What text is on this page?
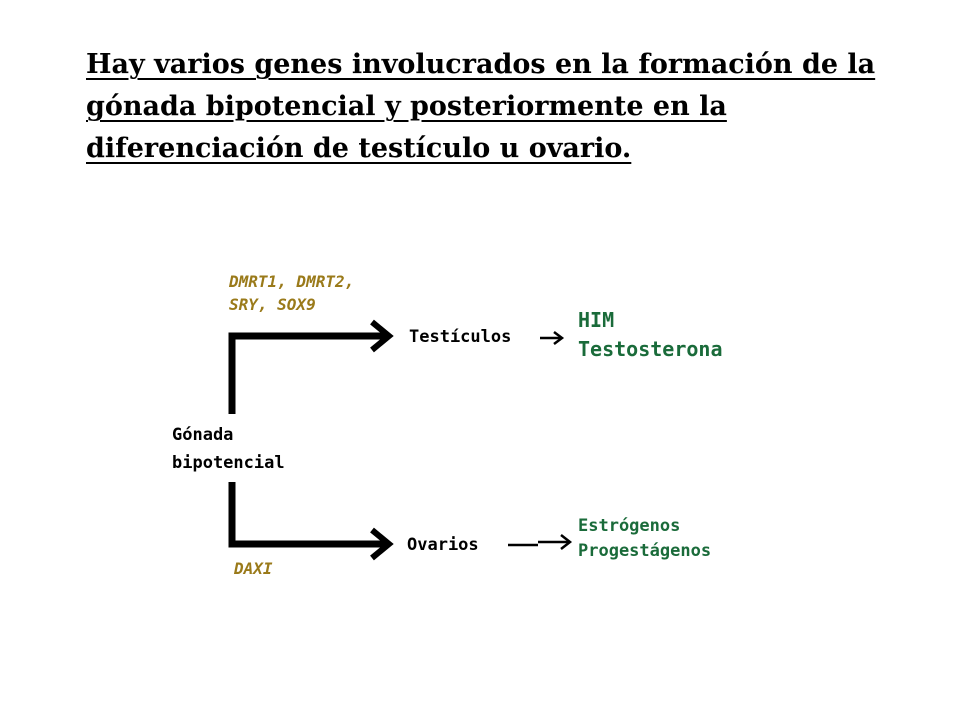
Hay varios genes involucrados en la formación de la
gónada bipotencial y posteriormente en la
diferenciación de testículo u ovario.
DMRT1, DMRT2,
SRY, SOX9
Testículos
HIM
Testosterona
Gónada
bipotencial
Ovarios
Estrógenos
Progestágenos
DAXI
